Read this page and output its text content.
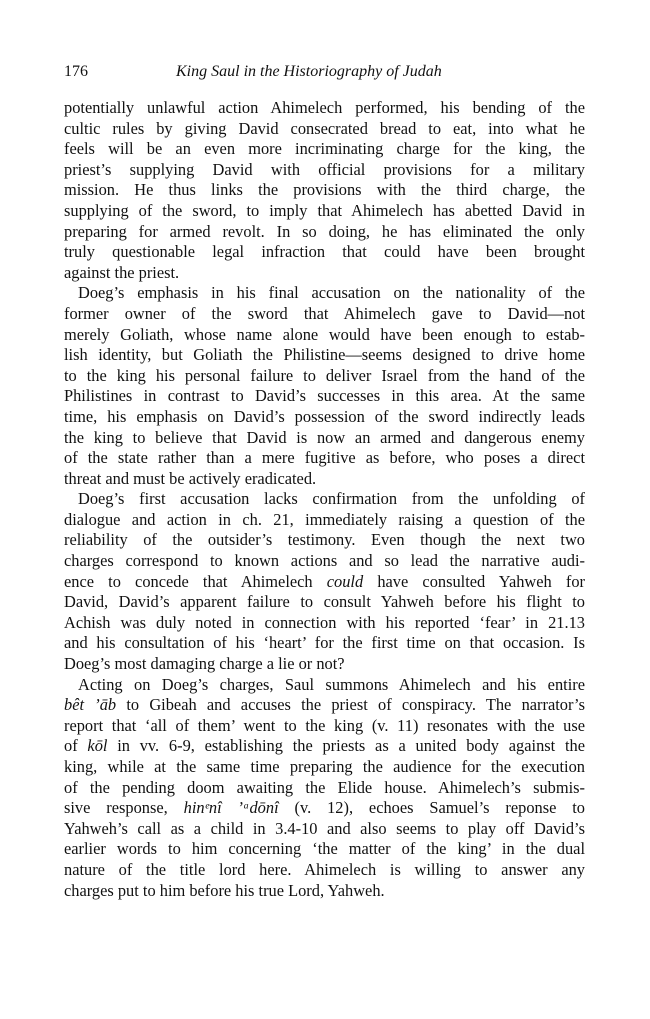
176	King Saul in the Historiography of Judah
potentially unlawful action Ahimelech performed, his bending of the
cultic rules by giving David consecrated bread to eat, into what he
feels will be an even more incriminating charge for the king, the
priest’s supplying David with official provisions for a military
mission. He thus links the provisions with the third charge, the
supplying of the sword, to imply that Ahimelech has abetted David in
preparing for armed revolt. In so doing, he has eliminated the only
truly questionable legal infraction that could have been brought
against the priest.
Doeg’s emphasis in his final accusation on the nationality of the
former owner of the sword that Ahimelech gave to David—not
merely Goliath, whose name alone would have been enough to estab-
lish identity, but Goliath the Philistine—seems designed to drive home
to the king his personal failure to deliver Israel from the hand of the
Philistines in contrast to David’s successes in this area. At the same
time, his emphasis on David’s possession of the sword indirectly leads
the king to believe that David is now an armed and dangerous enemy
of the state rather than a mere fugitive as before, who poses a direct
threat and must be actively eradicated.
Doeg’s first accusation lacks confirmation from the unfolding of
dialogue and action in ch. 21, immediately raising a question of the
reliability of the outsider’s testimony. Even though the next two
charges correspond to known actions and so lead the narrative audi-
ence to concede that Ahimelech could have consulted Yahweh for
David, David’s apparent failure to consult Yahweh before his flight to
Achish was duly noted in connection with his reported ‘fear’ in 21.13
and his consultation of his ‘heart’ for the first time on that occasion. Is
Doeg’s most damaging charge a lie or not?
Acting on Doeg’s charges, Saul summons Ahimelech and his entire
bêt ’āb to Gibeah and accuses the priest of conspiracy. The narrator’s
report that ‘all of them’ went to the king (v. 11) resonates with the use
of kōl in vv. 6-9, establishing the priests as a united body against the
king, while at the same time preparing the audience for the execution
of the pending doom awaiting the Elide house. Ahimelech’s submis-
sive response, hinᵉnî ’ᵃdōnî (v. 12), echoes Samuel’s reponse to
Yahweh’s call as a child in 3.4-10 and also seems to play off David’s
earlier words to him concerning ‘the matter of the king’ in the dual
nature of the title lord here. Ahimelech is willing to answer any
charges put to him before his true Lord, Yahweh.
